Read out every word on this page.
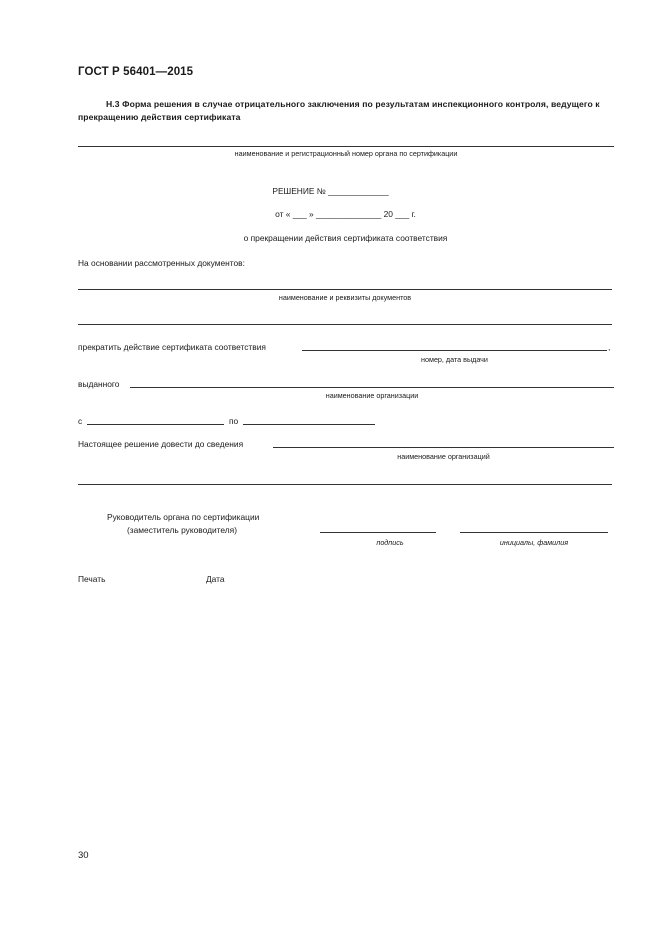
ГОСТ Р 56401—2015
Н.3 Форма решения в случае отрицательного заключения по результатам инспекционного контроля, ведущего к прекращению действия сертификата
наименование и регистрационный номер органа по сертификации
РЕШЕНИЕ № _____________
от « ___ » ______________ 20 ___ г.
о прекращении действия сертификата соответствия
На основании рассмотренных документов:
наименование и реквизиты документов
прекратить действие сертификата соответствия	,
номер, дата выдачи
выданного
наименование организации
с	по
Настоящее решение довести до сведения
наименование организаций
Руководитель органа по сертификации
(заместитель руководителя)
подпись	инициалы, фамилия
Печать	Дата
30
